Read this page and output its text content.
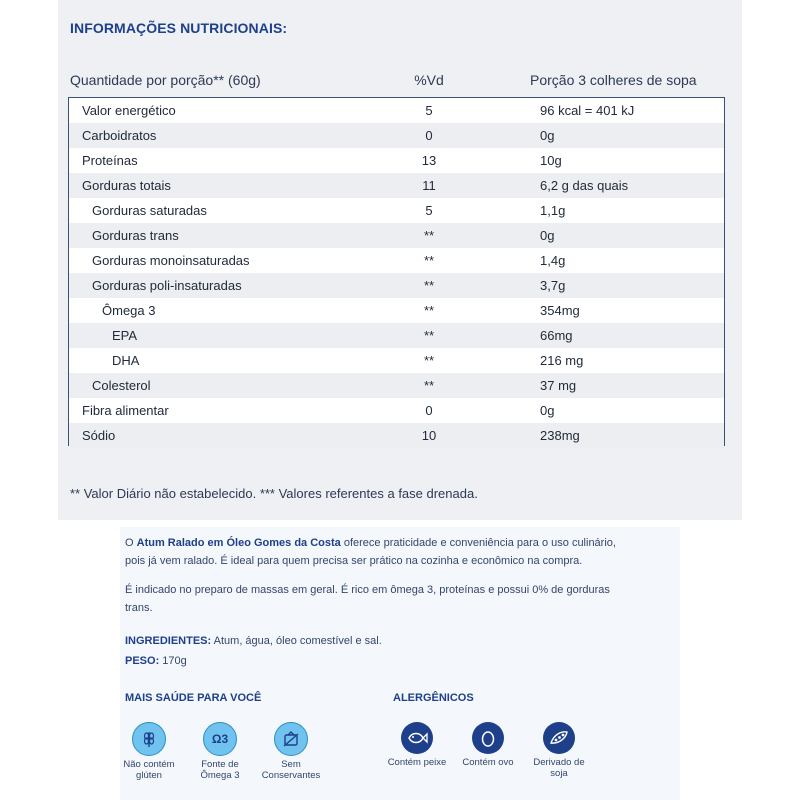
INFORMAÇÕES NUTRICIONAIS:
Quantidade por porção** (60g)	%Vd	Porção 3 colheres de sopa
Valor energético	5	96 kcal = 401 kJ
Carboidratos	0	0g
Proteínas	13	10g
Gorduras totais	11	6,2 g das quais
Gorduras saturadas	5	1,1g
Gorduras trans	**	0g
Gorduras monoinsaturadas	**	1,4g
Gorduras poli-insaturadas	**	3,7g
Ômega 3	**	354mg
EPA	**	66mg
DHA	**	216 mg
Colesterol	**	37 mg
Fibra alimentar	0	0g
Sódio	10	238mg
** Valor Diário não estabelecido. *** Valores referentes a fase drenada.
O Atum Ralado em Óleo Gomes da Costa oferece praticidade e conveniência para o uso culinário,
pois já vem ralado. É ideal para quem precisa ser prático na cozinha e econômico na compra.
É indicado no preparo de massas em geral. É rico em ômega 3, proteínas e possui 0% de gorduras
trans.
INGREDIENTES: Atum, água, óleo comestível e sal.
PESO: 170g
MAIS SAÚDE PARA VOCÊ	ALERGÊNICOS
Não contém
glúten
Ω3
Fonte de
Ômega 3
Sem
Conservantes
Contém peixe	Contém ovo	Derivado de
soja
